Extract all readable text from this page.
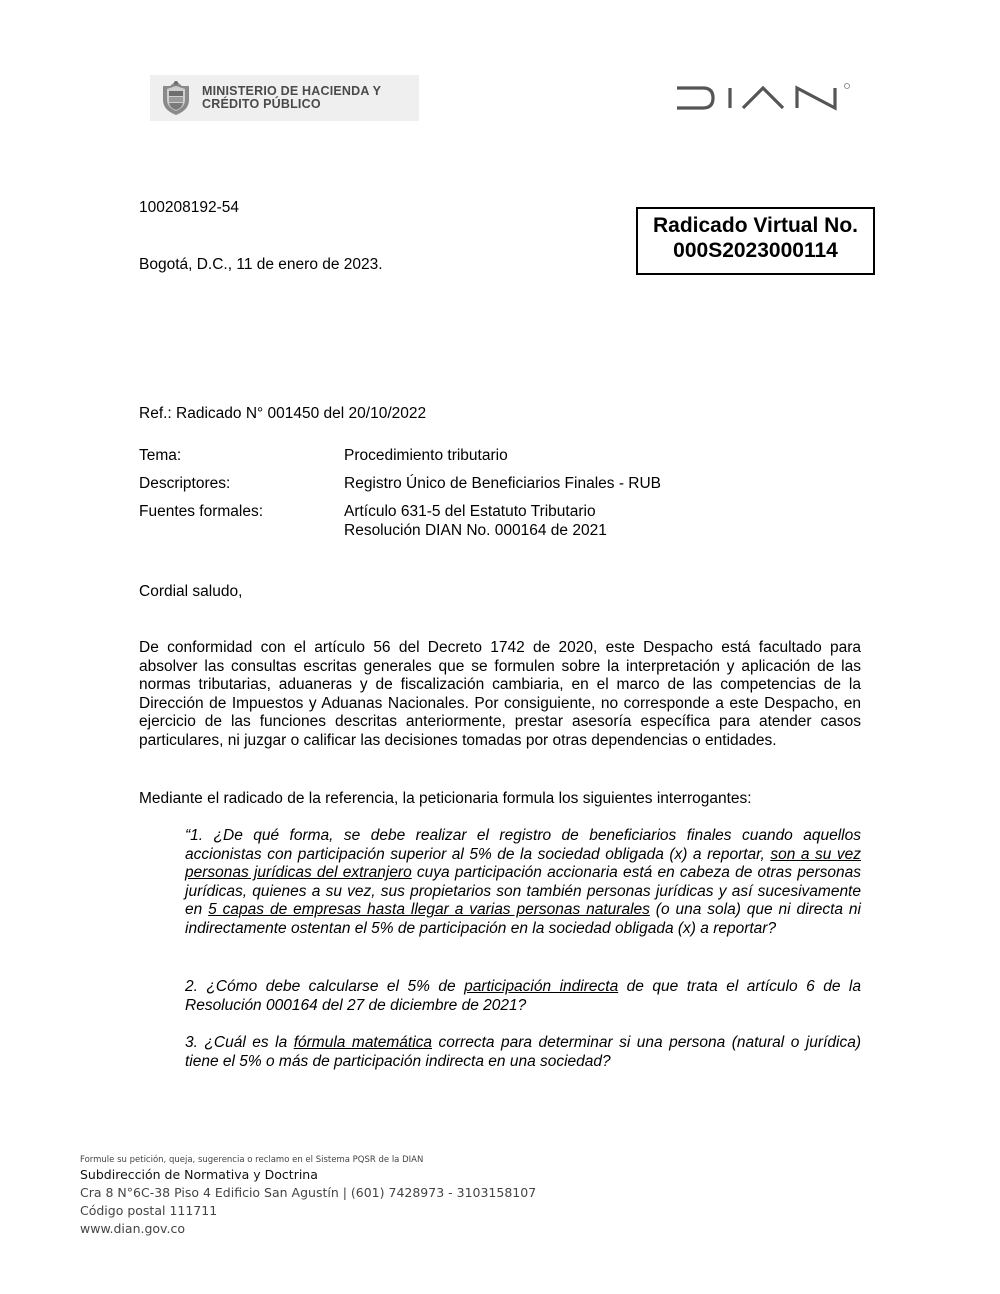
MINISTERIO DE HACIENDA Y
CRÉDITO PÚBLICO
100208192-54
Radicado Virtual No.
000S2023000114
Bogotá, D.C., 11 de enero de 2023.
Ref.: Radicado N° 001450 del 20/10/2022
Tema:	Procedimiento tributario
Descriptores:	Registro Único de Beneficiarios Finales - RUB
Fuentes formales:	Artículo 631-5 del Estatuto Tributario
Resolución DIAN No. 000164 de 2021
Cordial saludo,
De conformidad con el artículo 56 del Decreto 1742 de 2020, este Despacho está facultado para absolver las consultas escritas generales que se formulen sobre la interpretación y aplicación de las normas tributarias, aduaneras y de fiscalización cambiaria, en el marco de las competencias de la Dirección de Impuestos y Aduanas Nacionales. Por consiguiente, no corresponde a este Despacho, en ejercicio de las funciones descritas anteriormente, prestar asesoría específica para atender casos particulares, ni juzgar o calificar las decisiones tomadas por otras dependencias o entidades.
Mediante el radicado de la referencia, la peticionaria formula los siguientes interrogantes:
“1. ¿De qué forma, se debe realizar el registro de beneficiarios finales cuando aquellos accionistas con participación superior al 5% de la sociedad obligada (x) a reportar, son a su vez personas jurídicas del extranjero cuya participación accionaria está en cabeza de otras personas jurídicas, quienes a su vez, sus propietarios son también personas jurídicas y así sucesivamente en 5 capas de empresas hasta llegar a varias personas naturales (o una sola) que ni directa ni indirectamente ostentan el 5% de participación en la sociedad obligada (x) a reportar?
2. ¿Cómo debe calcularse el 5% de participación indirecta de que trata el artículo 6 de la Resolución 000164 del 27 de diciembre de 2021?
3. ¿Cuál es la fórmula matemática correcta para determinar si una persona (natural o jurídica) tiene el 5% o más de participación indirecta en una sociedad?
Formule su petición, queja, sugerencia o reclamo en el Sistema PQSR de la DIAN
Subdirección de Normativa y Doctrina
Cra 8 N°6C-38 Piso 4 Edificio San Agustín | (601) 7428973 - 3103158107
Código postal 111711
www.dian.gov.co
